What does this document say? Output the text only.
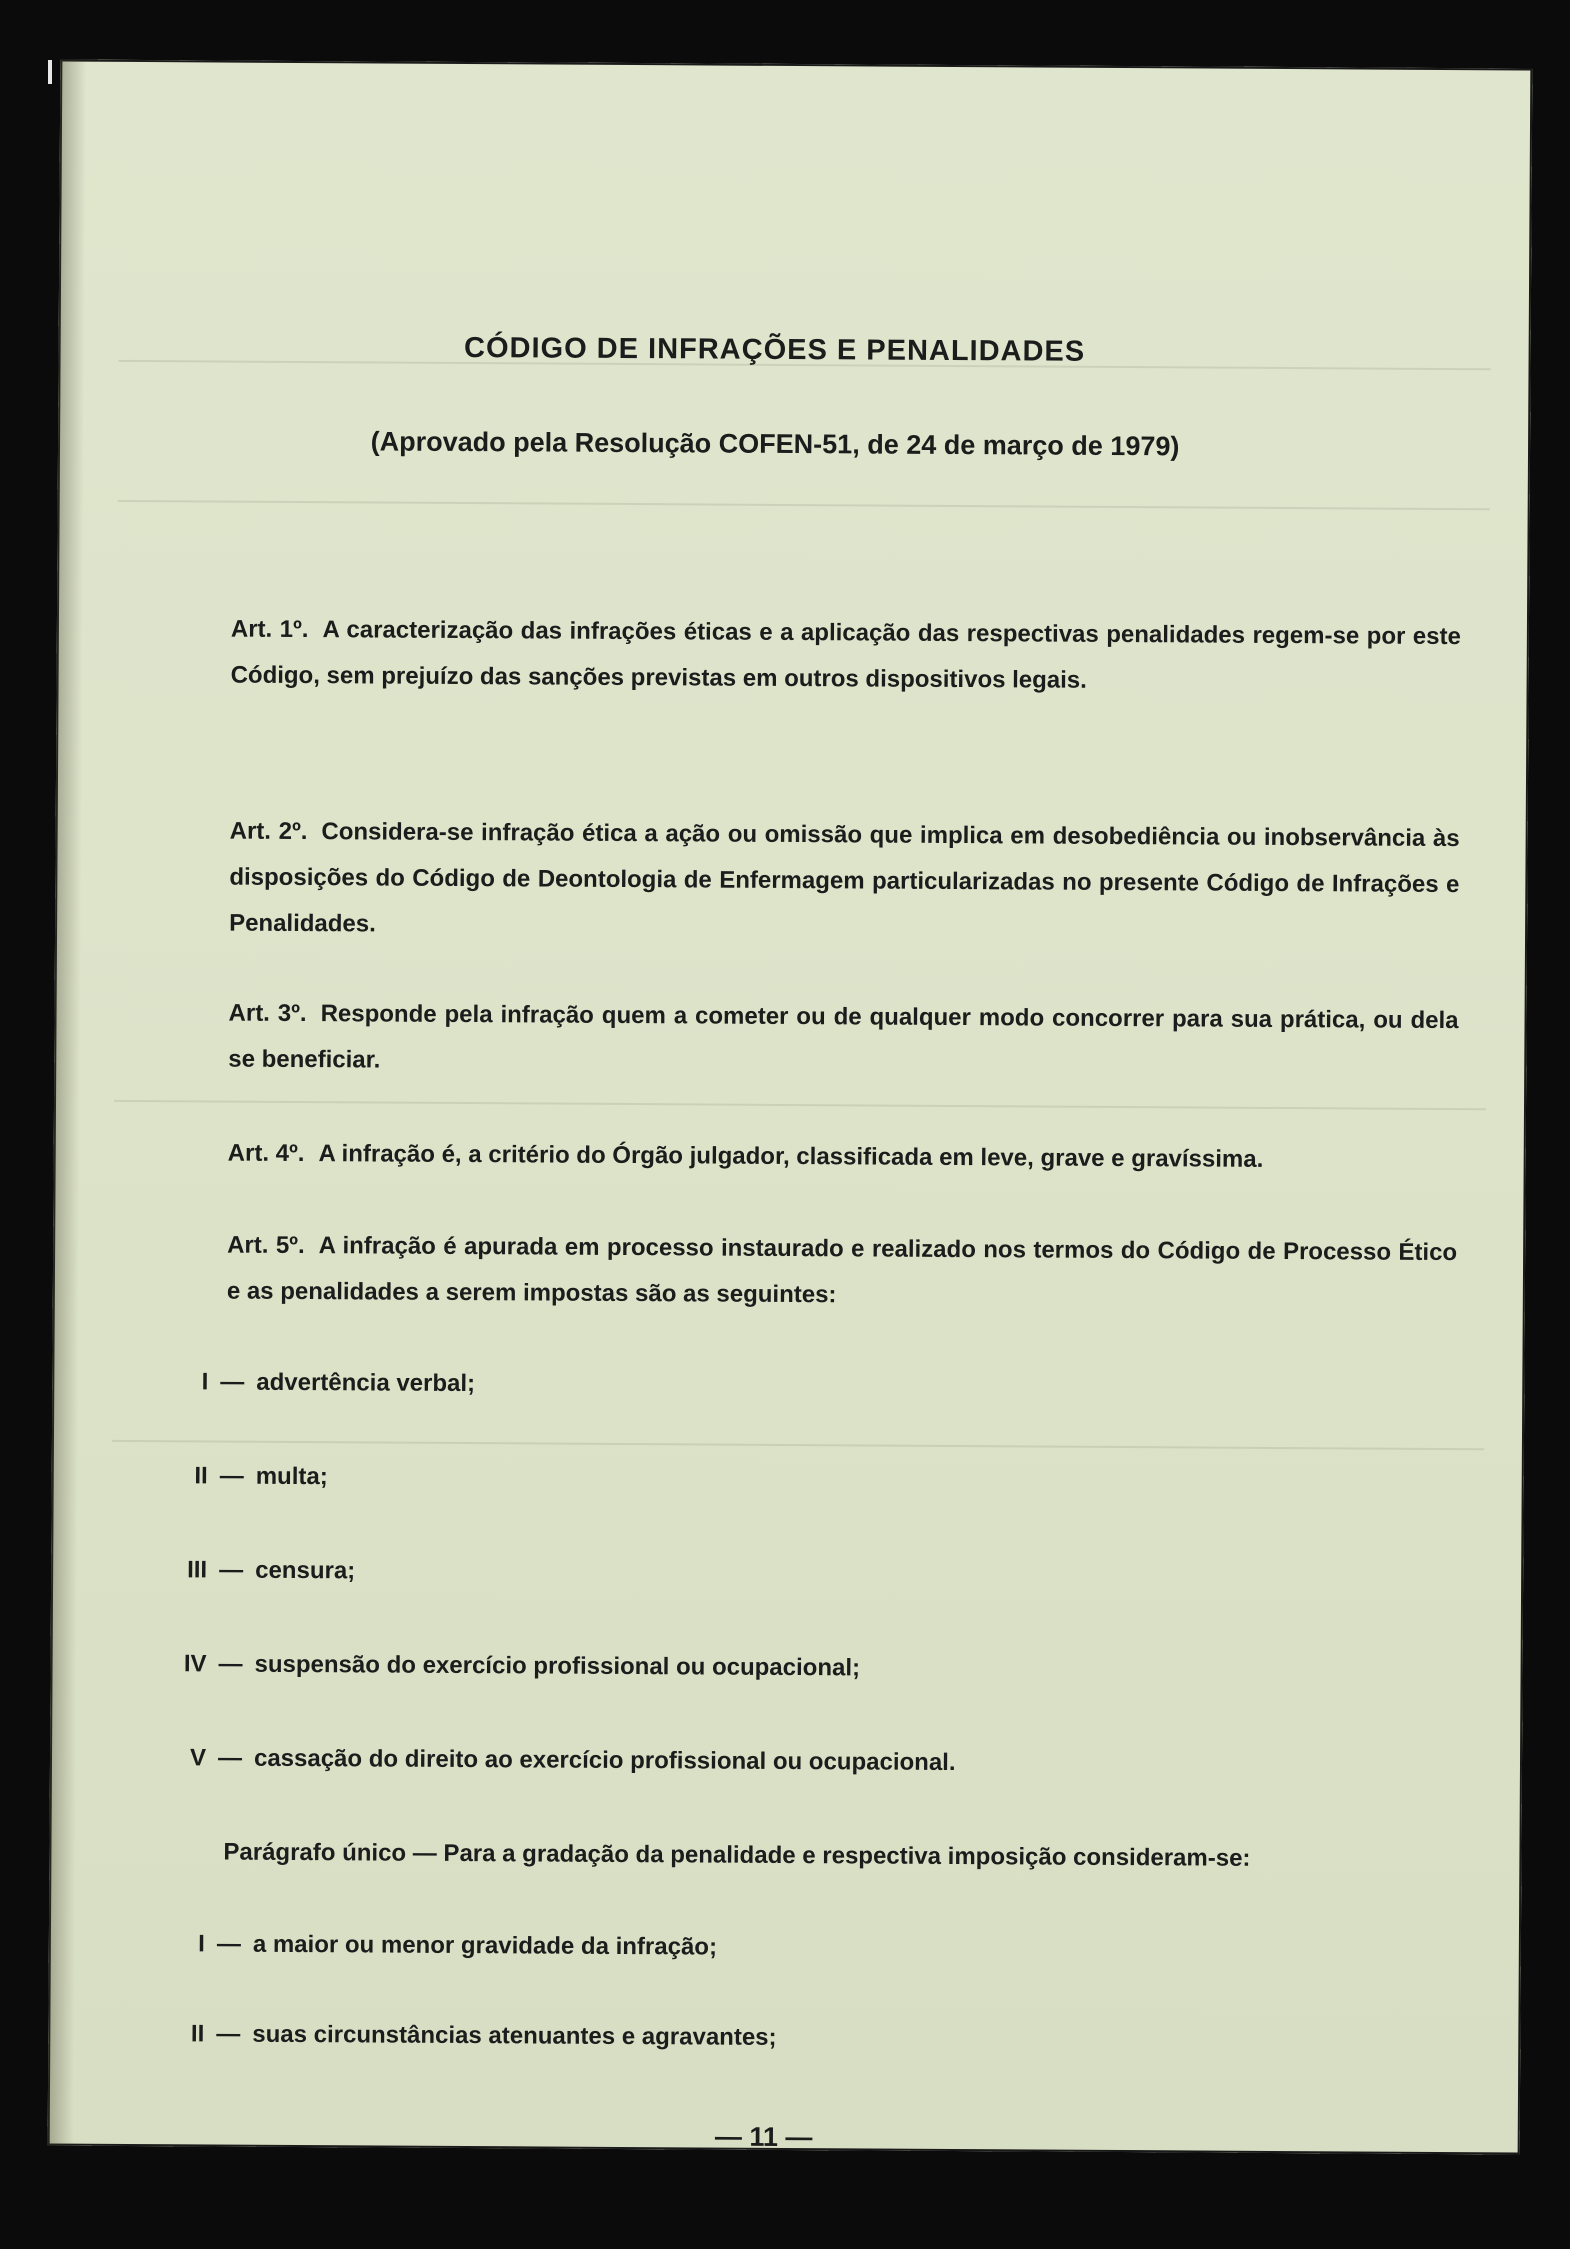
CÓDIGO DE INFRAÇÕES E PENALIDADES
(Aprovado pela Resolução COFEN-51, de 24 de março de 1979)
Art. 1º. A caracterização das infrações éticas e a aplicação das respectivas penalidades regem-se por este Código, sem prejuízo das sanções previstas em outros dispositivos legais.
Art. 2º. Considera-se infração ética a ação ou omissão que implica em desobediência ou inobservância às disposições do Código de Deontologia de Enfermagem particularizadas no presente Código de Infrações e Penalidades.
Art. 3º. Responde pela infração quem a cometer ou de qualquer modo concorrer para sua prática, ou dela se beneficiar.
Art. 4º. A infração é, a critério do Órgão julgador, classificada em leve, grave e gravíssima.
Art. 5º. A infração é apurada em processo instaurado e realizado nos termos do Código de Processo Ético e as penalidades a serem impostas são as seguintes:
I — advertência verbal;
II — multa;
III — censura;
IV — suspensão do exercício profissional ou ocupacional;
V — cassação do direito ao exercício profissional ou ocupacional.
Parágrafo único — Para a gradação da penalidade e respectiva imposição consideram-se:
I — a maior ou menor gravidade da infração;
II — suas circunstâncias atenuantes e agravantes;
— 11 —
